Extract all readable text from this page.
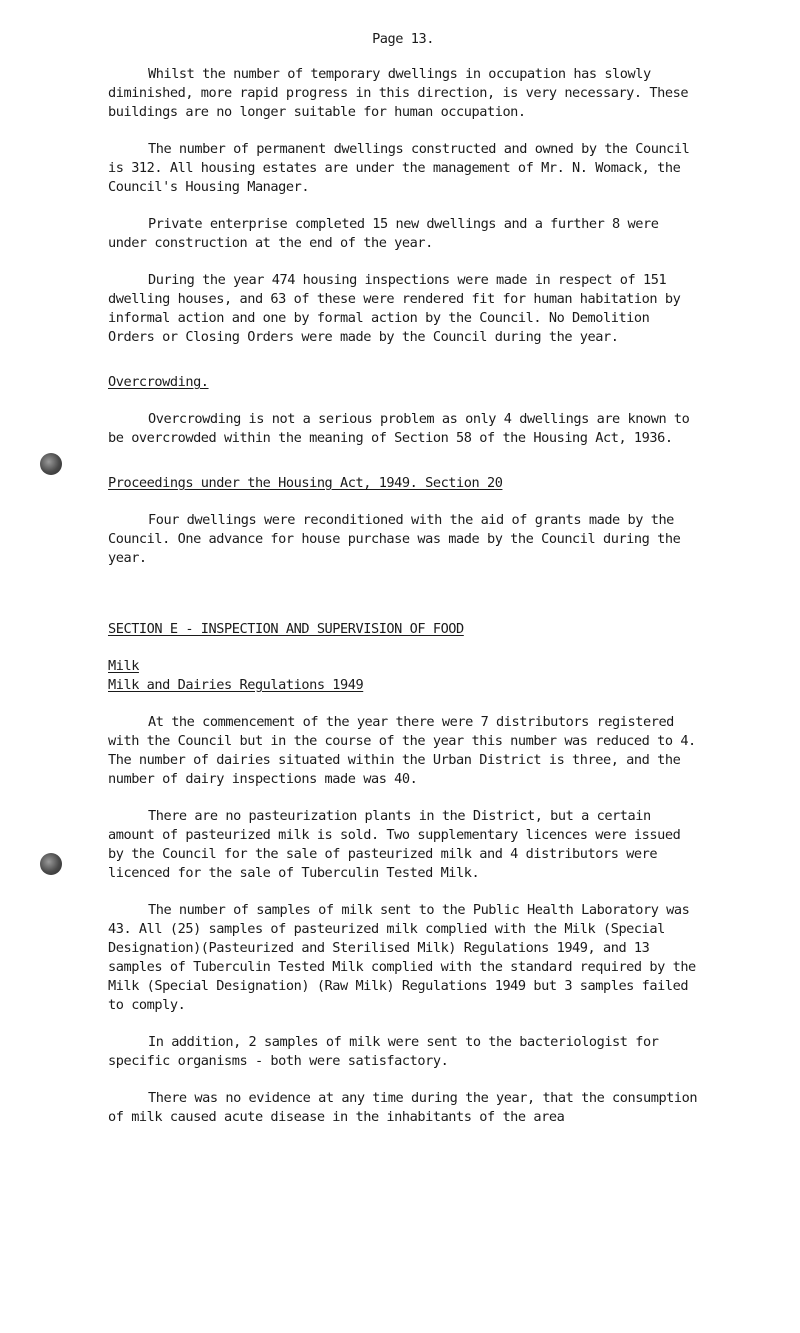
Page 13.

Whilst the number of temporary dwellings in occupation has slowly diminished, more rapid progress in this direction, is very necessary. These buildings are no longer suitable for human occupation.

The number of permanent dwellings constructed and owned by the Council is 312. All housing estates are under the management of Mr. N. Womack, the Council's Housing Manager.

Private enterprise completed 15 new dwellings and a further 8 were under construction at the end of the year.

During the year 474 housing inspections were made in respect of 151 dwelling houses, and 63 of these were rendered fit for human habitation by informal action and one by formal action by the Council. No Demolition Orders or Closing Orders were made by the Council during the year.

Overcrowding.

Overcrowding is not a serious problem as only 4 dwellings are known to be overcrowded within the meaning of Section 58 of the Housing Act, 1936.

Proceedings under the Housing Act, 1949. Section 20

Four dwellings were reconditioned with the aid of grants made by the Council. One advance for house purchase was made by the Council during the year.

SECTION E - INSPECTION AND SUPERVISION OF FOOD
Milk
Milk and Dairies Regulations 1949

At the commencement of the year there were 7 distributors registered with the Council but in the course of the year this number was reduced to 4. The number of dairies situated within the Urban District is three, and the number of dairy inspections made was 40.

There are no pasteurization plants in the District, but a certain amount of pasteurized milk is sold. Two supplementary licences were issued by the Council for the sale of pasteurized milk and 4 distributors were licenced for the sale of Tuberculin Tested Milk.

The number of samples of milk sent to the Public Health Laboratory was 43. All (25) samples of pasteurized milk complied with the Milk (Special Designation)(Pasteurized and Sterilised Milk) Regulations 1949, and 13 samples of Tuberculin Tested Milk complied with the standard required by the Milk (Special Designation) (Raw Milk) Regulations 1949 but 3 samples failed to comply.

In addition, 2 samples of milk were sent to the bacteriologist for specific organisms - both were satisfactory.

There was no evidence at any time during the year, that the consumption of milk caused acute disease in the inhabitants of the area
